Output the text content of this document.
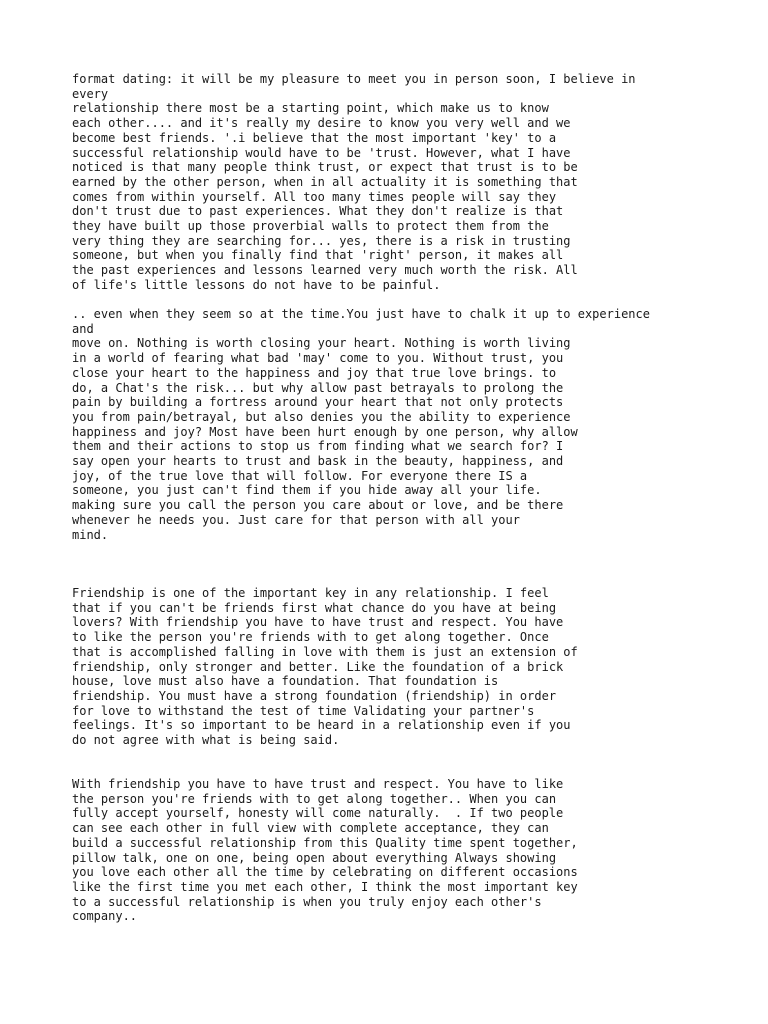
format dating: it will be my pleasure to meet you in person soon, I believe in
every
relationship there most be a starting point, which make us to know
each other.... and it's really my desire to know you very well and we
become best friends. '.i believe that the most important 'key' to a
successful relationship would have to be 'trust. However, what I have
noticed is that many people think trust, or expect that trust is to be
earned by the other person, when in all actuality it is something that
comes from within yourself. All too many times people will say they
don't trust due to past experiences. What they don't realize is that
they have built up those proverbial walls to protect them from the
very thing they are searching for... yes, there is a risk in trusting
someone, but when you finally find that 'right' person, it makes all
the past experiences and lessons learned very much worth the risk. All
of life's little lessons do not have to be painful.

.. even when they seem so at the time.You just have to chalk it up to experience
and
move on. Nothing is worth closing your heart. Nothing is worth living
in a world of fearing what bad 'may' come to you. Without trust, you
close your heart to the happiness and joy that true love brings. to
do, a Chat's the risk... but why allow past betrayals to prolong the
pain by building a fortress around your heart that not only protects
you from pain/betrayal, but also denies you the ability to experience
happiness and joy? Most have been hurt enough by one person, why allow
them and their actions to stop us from finding what we search for? I
say open your hearts to trust and bask in the beauty, happiness, and
joy, of the true love that will follow. For everyone there IS a
someone, you just can't find them if you hide away all your life.
making sure you call the person you care about or love, and be there
whenever he needs you. Just care for that person with all your
mind.

Friendship is one of the important key in any relationship. I feel
that if you can't be friends first what chance do you have at being
lovers? With friendship you have to have trust and respect. You have
to like the person you're friends with to get along together. Once
that is accomplished falling in love with them is just an extension of
friendship, only stronger and better. Like the foundation of a brick
house, love must also have a foundation. That foundation is
friendship. You must have a strong foundation (friendship) in order
for love to withstand the test of time Validating your partner's
feelings. It's so important to be heard in a relationship even if you
do not agree with what is being said.

With friendship you have to have trust and respect. You have to like
the person you're friends with to get along together.. When you can
fully accept yourself, honesty will come naturally.  . If two people
can see each other in full view with complete acceptance, they can
build a successful relationship from this Quality time spent together,
pillow talk, one on one, being open about everything Always showing
you love each other all the time by celebrating on different occasions
like the first time you met each other, I think the most important key
to a successful relationship is when you truly enjoy each other's
company..
